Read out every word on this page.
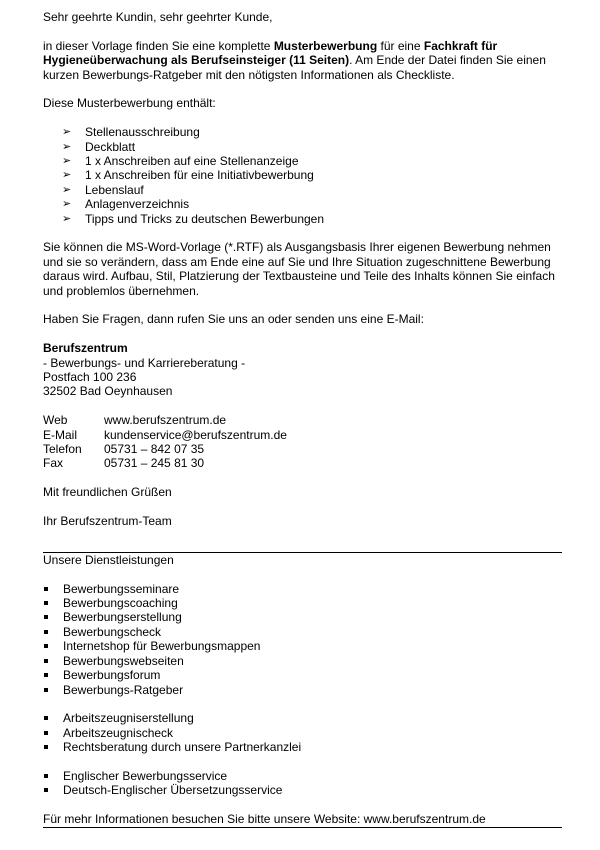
Sehr geehrte Kundin, sehr geehrter Kunde,

in dieser Vorlage finden Sie eine komplette Musterbewerbung für eine Fachkraft für Hygieneüberwachung als Berufseinsteiger (11 Seiten). Am Ende der Datei finden Sie einen kurzen Bewerbungs-Ratgeber mit den nötigsten Informationen als Checkliste.

Diese Musterbewerbung enthält:

➢ Stellenausschreibung
➢ Deckblatt
➢ 1 x Anschreiben auf eine Stellenanzeige
➢ 1 x Anschreiben für eine Initiativbewerbung
➢ Lebenslauf
➢ Anlagenverzeichnis
➢ Tipps und Tricks zu deutschen Bewerbungen

Sie können die MS-Word-Vorlage (*.RTF) als Ausgangsbasis Ihrer eigenen Bewerbung nehmen und sie so verändern, dass am Ende eine auf Sie und Ihre Situation zugeschnittene Bewerbung daraus wird. Aufbau, Stil, Platzierung der Textbausteine und Teile des Inhalts können Sie einfach und problemlos übernehmen.

Haben Sie Fragen, dann rufen Sie uns an oder senden uns eine E-Mail:

Berufszentrum

- Bewerbungs- und Karriereberatung -

Postfach 100 236

32502 Bad Oeynhausen

Web	www.berufszentrum.de
E-Mail	kundenservice@berufszentrum.de
Telefon	05731 – 842 07 35
Fax	05731 – 245 81 30

Mit freundlichen Grüßen

Ihr Berufszentrum-Team

Unsere Dienstleistungen

Bewerbungsseminare
Bewerbungscoaching
Bewerbungserstellung
Bewerbungscheck
Internetshop für Bewerbungsmappen
Bewerbungswebseiten
Bewerbungsforum
Bewerbungs-Ratgeber
Arbeitszeugniserstellung
Arbeitszeugnischeck
Rechtsberatung durch unsere Partnerkanzlei
Englischer Bewerbungsservice
Deutsch-Englischer Übersetzungsservice

Für mehr Informationen besuchen Sie bitte unsere Website: www.berufszentrum.de
